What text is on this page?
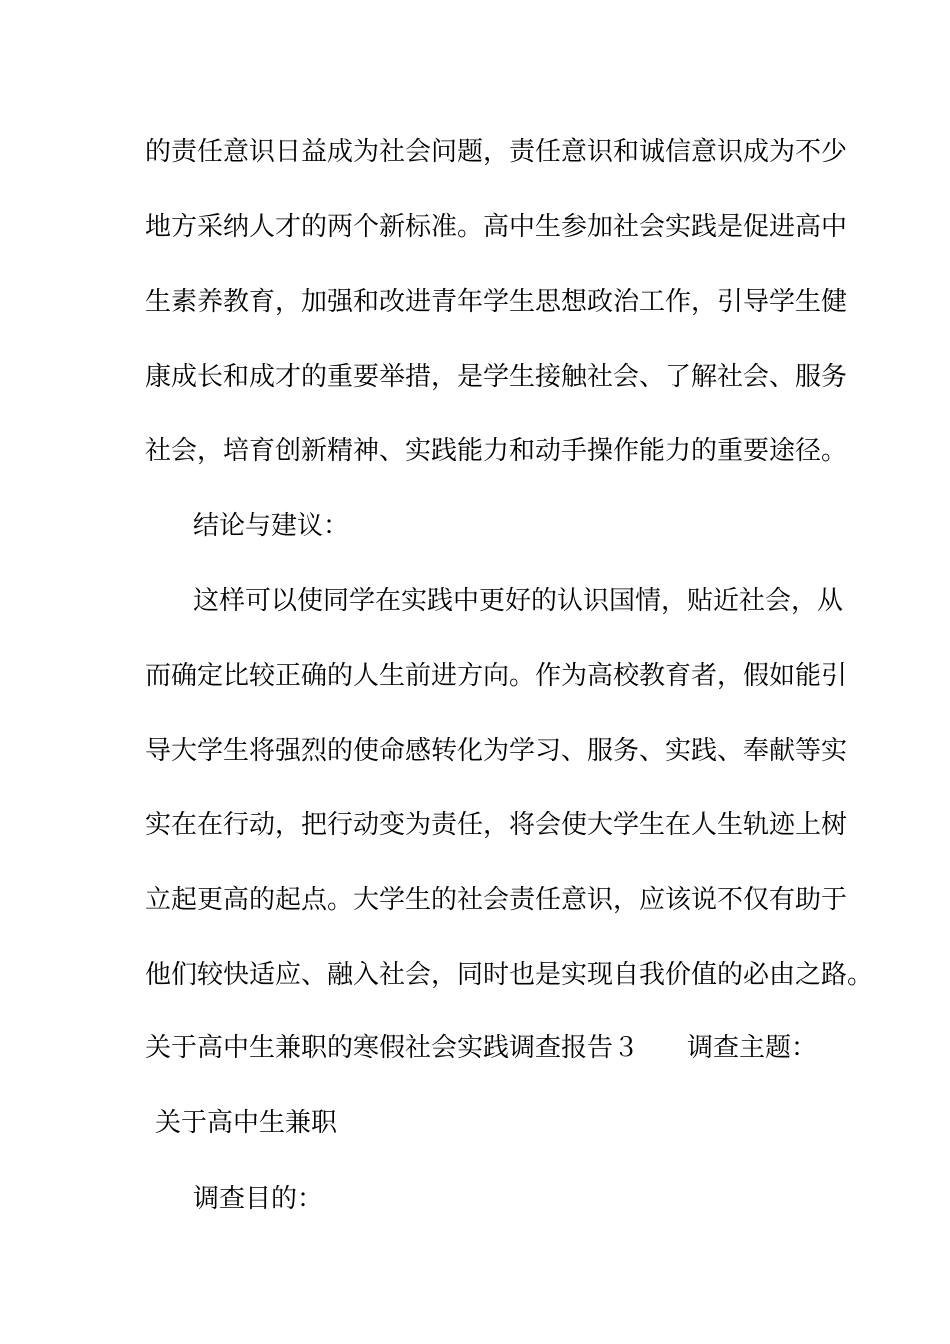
的责任意识日益成为社会问题，责任意识和诚信意识成为不少
地方采纳人才的两个新标准。高中生参加社会实践是促进高中
生素养教育，加强和改进青年学生思想政治工作，引导学生健
康成长和成才的重要举措，是学生接触社会、了解社会、服务
社会，培育创新精神、实践能力和动手操作能力的重要途径。
结论与建议：
这样可以使同学在实践中更好的认识国情，贴近社会，从
而确定比较正确的人生前进方向。作为高校教育者，假如能引
导大学生将强烈的使命感转化为学习、服务、实践、奉献等实
实在在行动，把行动变为责任，将会使大学生在人生轨迹上树
立起更高的起点。大学生的社会责任意识，应该说不仅有助于
他们较快适应、融入社会，同时也是实现自我价值的必由之路。
关于高中生兼职的寒假社会实践调查报告３ 调查主题：
关于高中生兼职
调查目的：
